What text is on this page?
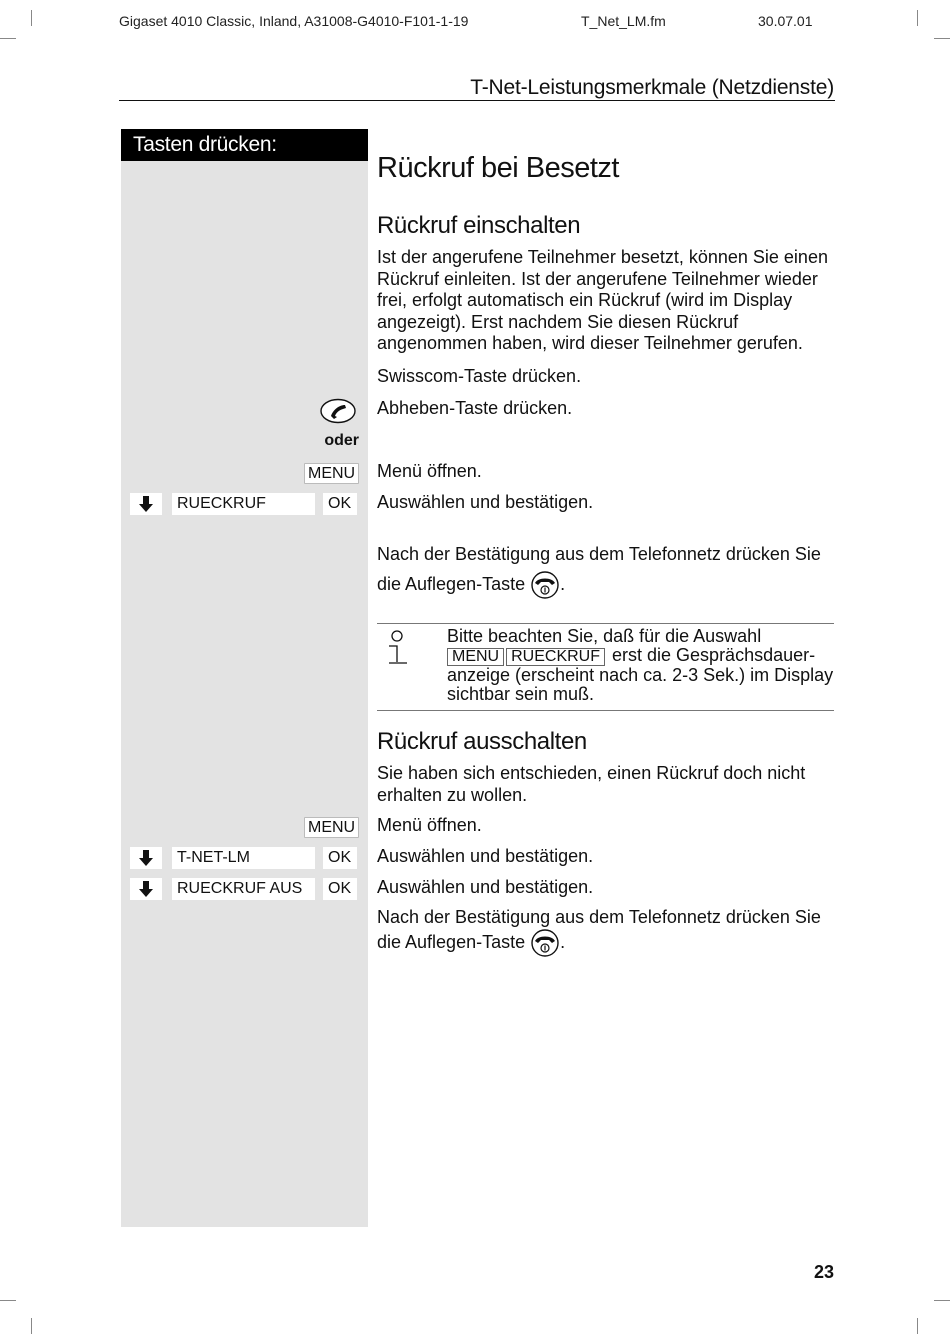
Gigaset 4010 Classic, Inland, A31008-G4010-F101-1-19	T_Net_LM.fm	30.07.01
T-Net-Leistungsmerkmale (Netzdienste)
Tasten drücken:
Rückruf bei Besetzt
Rückruf einschalten
Ist der angerufene Teilnehmer besetzt, können Sie einen Rückruf einleiten. Ist der angerufene Teilnehmer wieder frei, erfolgt automatisch ein Rückruf (wird im Display angezeigt). Erst nachdem Sie diesen Rückruf angenommen haben, wird dieser Teilnehmer gerufen.
Swisscom-Taste drücken.
Abheben-Taste drücken.
oder
MENU Menü öffnen.
RUECKRUF	OK	Auswählen und bestätigen.
Nach der Bestätigung aus dem Telefonnetz drücken Sie die Auflegen-Taste .
Bitte beachten Sie, daß für die Auswahl
MENU RUECKRUF erst die Gesprächsdauer-anzeige (erscheint nach ca. 2-3 Sek.) im Display sichtbar sein muß.
Rückruf ausschalten
Sie haben sich entschieden, einen Rückruf doch nicht erhalten zu wollen.
MENU Menü öffnen.
T-NET-LM	OK	Auswählen und bestätigen.
RUECKRUF AUS	OK	Auswählen und bestätigen.
Nach der Bestätigung aus dem Telefonnetz drücken Sie die Auflegen-Taste .
23
